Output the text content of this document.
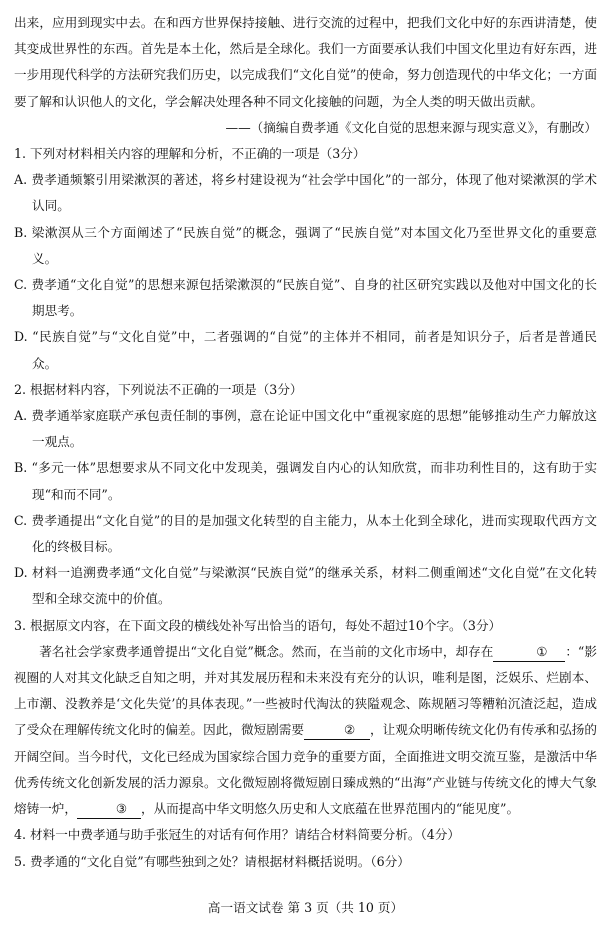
出来，应用到现实中去。在和西方世界保持接触、进行交流的过程中，把我们文化中好的东西讲清楚，使其变成世界性的东西。首先是本土化，然后是全球化。我们一方面要承认我们中国文化里边有好东西，进一步用现代科学的方法研究我们历史，以完成我们“文化自觉”的使命，努力创造现代的中华文化；一方面要了解和认识他人的文化，学会解决处理各种不同文化接触的问题，为全人类的明天做出贡献。

——（摘编自费孝通《文化自觉的思想来源与现实意义》，有删改）

1. 下列对材料相关内容的理解和分析，不正确的一项是（3分）

A. 费孝通频繁引用梁漱溟的著述，将乡村建设视为“社会学中国化”的一部分，体现了他对梁漱溟的学术认同。

B. 梁漱溟从三个方面阐述了“民族自觉”的概念，强调了“民族自觉”对本国文化乃至世界文化的重要意义。

C. 费孝通“文化自觉”的思想来源包括梁漱溟的“民族自觉”、自身的社区研究实践以及他对中国文化的长期思考。

D. “民族自觉”与“文化自觉”中，二者强调的“自觉”的主体并不相同，前者是知识分子，后者是普通民众。

2. 根据材料内容，下列说法不正确的一项是（3分）

A. 费孝通举家庭联产承包责任制的事例，意在论证中国文化中“重视家庭的思想”能够推动生产力解放这一观点。

B. “多元一体”思想要求从不同文化中发现美，强调发自内心的认知欣赏，而非功利性目的，这有助于实现“和而不同”。

C. 费孝通提出“文化自觉”的目的是加强文化转型的自主能力，从本土化到全球化，进而实现取代西方文化的终极目标。

D. 材料一追溯费孝通“文化自觉”与梁漱溟“民族自觉”的继承关系，材料二侧重阐述“文化自觉”在文化转型和全球交流中的价值。

3. 根据原文内容，在下面文段的横线处补写出恰当的语句，每处不超过10个字。（3分）

著名社会学家费孝通曾提出“文化自觉”概念。然而，在当前的文化市场中，却存在	① ：“影视圈的人对其文化缺乏自知之明，并对其发展历程和未来没有充分的认识，唯利是图，泛娱乐、烂剧本、上市潮、没教养是‘文化失觉’的具体表现。”一些被时代淘汰的狭隘观念、陈规陋习等糟粕沉渣泛起，造成了受众在理解传统文化时的偏差。因此，微短剧需要	② ，让观众明晰传统文化仍有传承和弘扬的开阔空间。当今时代，文化已经成为国家综合国力竞争的重要方面，全面推进文明交流互鉴，是激活中华优秀传统文化创新发展的活力源泉。文化微短剧将微短剧日臻成熟的“出海”产业链与传统文化的博大气象熔铸一炉，	③ ，从而提高中华文明悠久历史和人文底蕴在世界范围内的“能见度”。

4. 材料一中费孝通与助手张冠生的对话有何作用？请结合材料简要分析。（4分）

5. 费孝通的“文化自觉”有哪些独到之处？请根据材料概括说明。（6分）

高一语文试卷 第 3 页（共 10 页）
